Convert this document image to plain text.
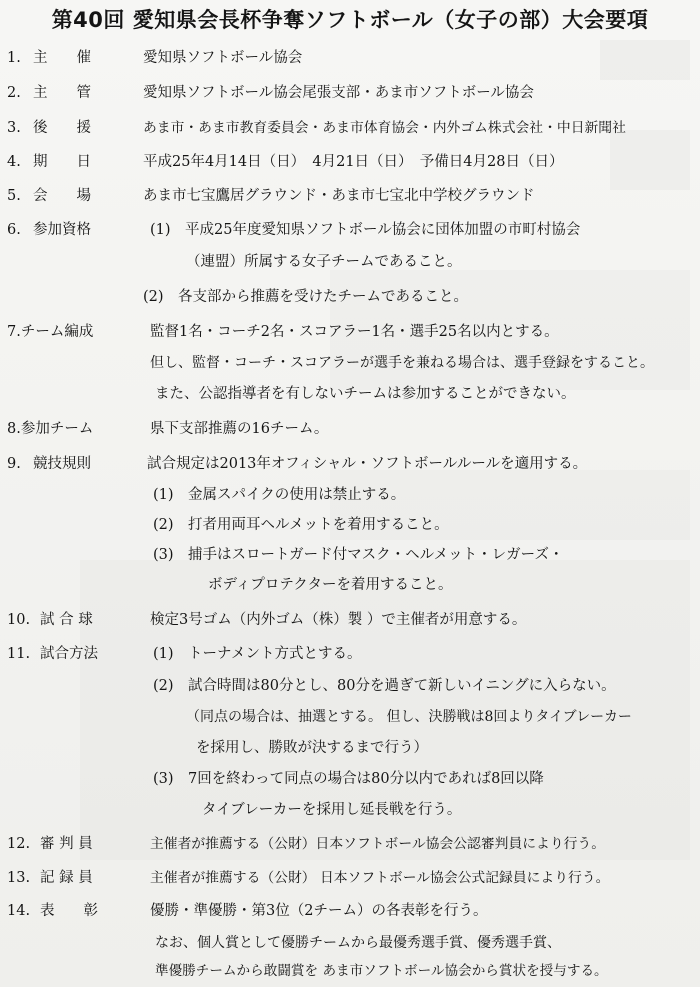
第40回 愛知県会長杯争奪ソフトボール（女子の部）大会要項
1. 主　　催	愛知県ソフトボール協会
2. 主　　管	愛知県ソフトボール協会尾張支部・あま市ソフトボール協会
3. 後　　援	あま市・あま市教育委員会・あま市体育協会・内外ゴム株式会社・中日新聞社
4. 期　　日	平成25年4月14日（日）　4月21日（日）　予備日4月28日（日）
5. 会　　場	あま市七宝鷹居グラウンド・あま市七宝北中学校グラウンド
6. 参加資格	(1)　平成25年度愛知県ソフトボール協会に団体加盟の市町村協会
（連盟）所属する女子チームであること。
(2)　各支部から推薦を受けたチームであること。
7.チーム編成	監督1名・コーチ2名・スコアラー1名・選手25名以内とする。
但し、監督・コーチ・スコアラーが選手を兼ねる場合は、選手登録をすること。
また、公認指導者を有しないチームは参加することができない。
8.参加チーム	県下支部推薦の16チーム。
9. 競技規則	試合規定は2013年オフィシャル・ソフトボールルールを適用する。
(1)　金属スパイクの使用は禁止する。
(2)　打者用両耳ヘルメットを着用すること。
(3)　捕手はスロートガード付マスク・ヘルメット・レガーズ・
ボディプロテクターを着用すること。
10. 試 合 球	検定3号ゴム（内外ゴム（株）製 ）で主催者が用意する。
11. 試合方法	(1)　トーナメント方式とする。
(2)　試合時間は80分とし、80分を過ぎて新しいイニングに入らない。
（同点の場合は、抽選とする。 但し、決勝戦は8回よりタイブレーカー
を採用し、勝敗が決するまで行う）
(3)　7回を終わって同点の場合は80分以内であれば8回以降
タイブレーカーを採用し延長戦を行う。
12. 審 判 員	主催者が推薦する（公財）日本ソフトボール協会公認審判員により行う。
13. 記 録 員	主催者が推薦する（公財） 日本ソフトボール協会公式記録員により行う。
14. 表　　彰	優勝・準優勝・第3位（2チーム）の各表彰を行う。
なお、個人賞として優勝チームから最優秀選手賞、優秀選手賞、
準優勝チームから敢闘賞を あま市ソフトボール協会から賞状を授与する。
